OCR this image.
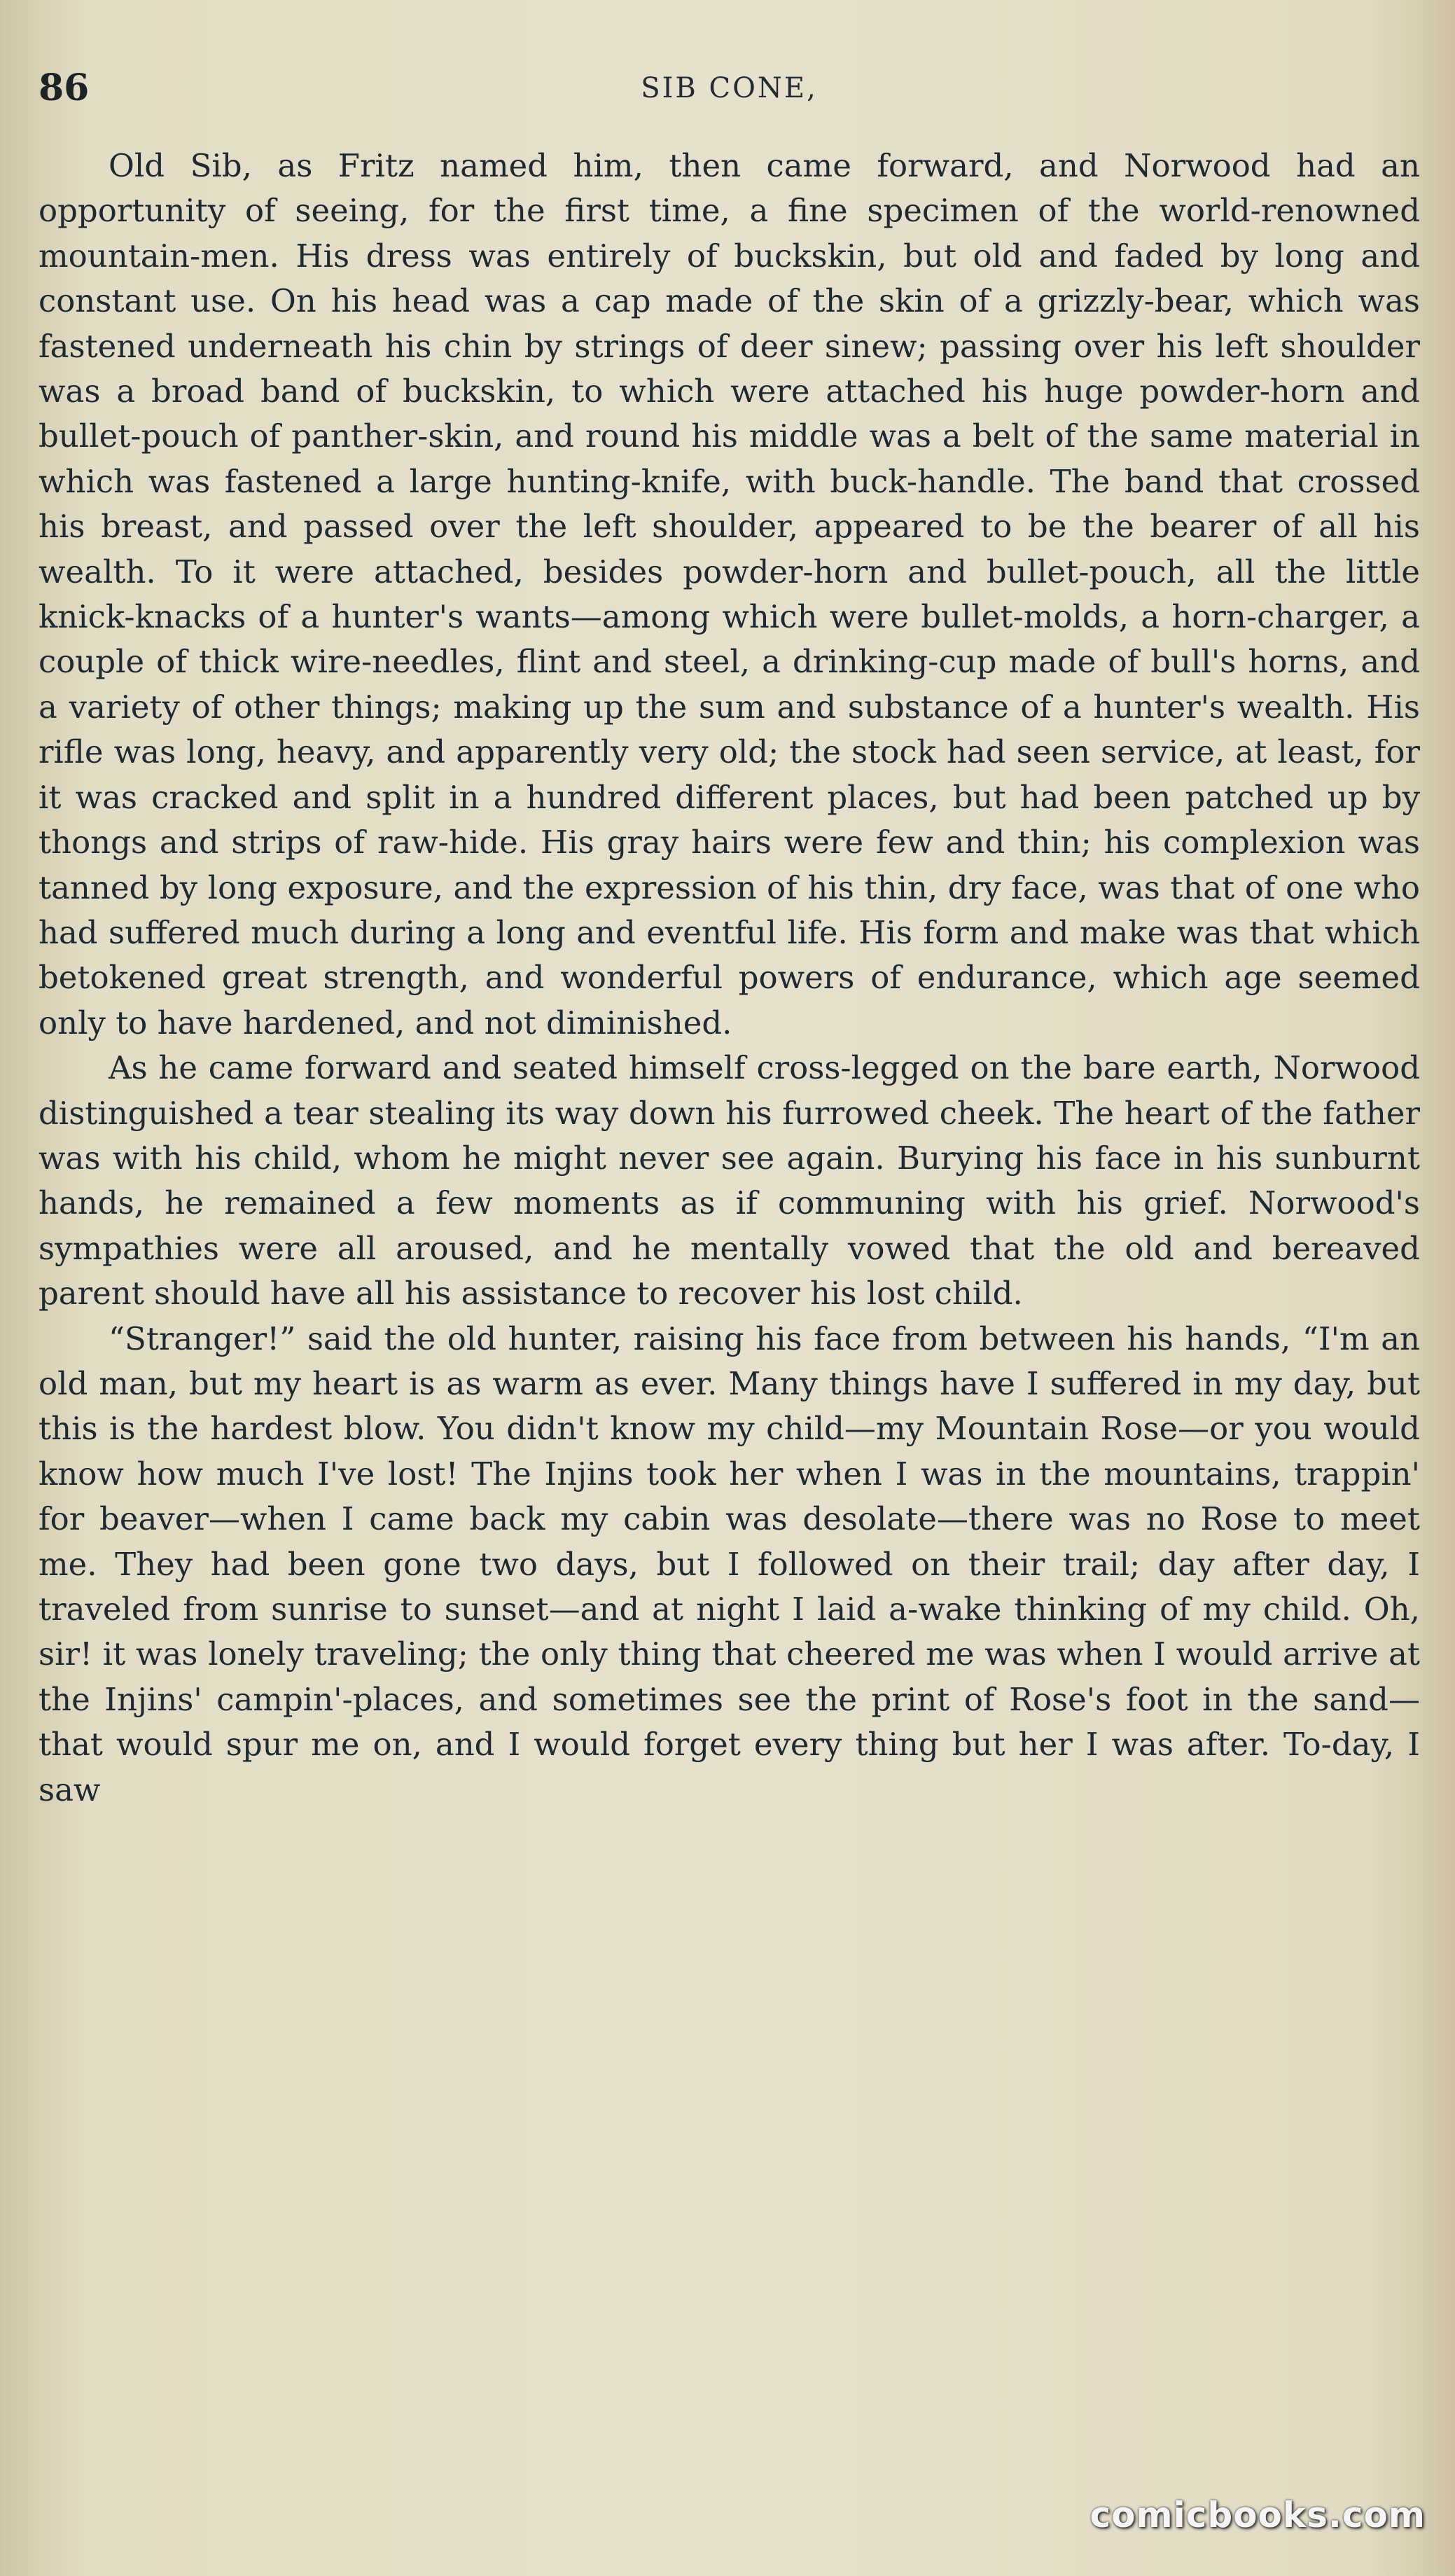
86	SIB CONE,

Old Sib, as Fritz named him, then came forward, and Norwood had an opportunity of seeing, for the first time, a fine specimen of the world-renowned mountain-men. His dress was entirely of buckskin, but old and faded by long and constant use. On his head was a cap made of the skin of a grizzly-bear, which was fastened underneath his chin by strings of deer sinew; passing over his left shoulder was a broad band of buckskin, to which were attached his huge powder-horn and bullet-pouch of panther-skin, and round his middle was a belt of the same material in which was fastened a large hunting-knife, with buck-handle. The band that crossed his breast, and passed over the left shoulder, appeared to be the bearer of all his wealth. To it were attached, besides powder-horn and bullet-pouch, all the little knick-knacks of a hunter's wants—among which were bullet-molds, a horn-charger, a couple of thick wire-needles, flint and steel, a drinking-cup made of bull's horns, and a variety of other things; making up the sum and substance of a hunter's wealth. His rifle was long, heavy, and apparently very old; the stock had seen service, at least, for it was cracked and split in a hundred different places, but had been patched up by thongs and strips of raw-hide. His gray hairs were few and thin; his complexion was tanned by long exposure, and the expression of his thin, dry face, was that of one who had suffered much during a long and eventful life. His form and make was that which betokened great strength, and wonderful powers of endurance, which age seemed only to have hardened, and not diminished.

As he came forward and seated himself cross-legged on the bare earth, Norwood distinguished a tear stealing its way down his furrowed cheek. The heart of the father was with his child, whom he might never see again. Burying his face in his sunburnt hands, he remained a few moments as if communing with his grief. Norwood's sympathies were all aroused, and he mentally vowed that the old and bereaved parent should have all his assistance to recover his lost child.

“Stranger!” said the old hunter, raising his face from between his hands, “I'm an old man, but my heart is as warm as ever. Many things have I suffered in my day, but this is the hardest blow. You didn't know my child—my Mountain Rose—or you would know how much I've lost! The Injins took her when I was in the mountains, trappin' for beaver—when I came back my cabin was desolate—there was no Rose to meet me. They had been gone two days, but I followed on their trail; day after day, I traveled from sunrise to sunset—and at night I laid a-wake thinking of my child. Oh, sir! it was lonely traveling; the only thing that cheered me was when I would arrive at the Injins' campin'-places, and sometimes see the print of Rose's foot in the sand—that would spur me on, and I would forget every thing but her I was after. To-day, I saw

comicbooks.com
